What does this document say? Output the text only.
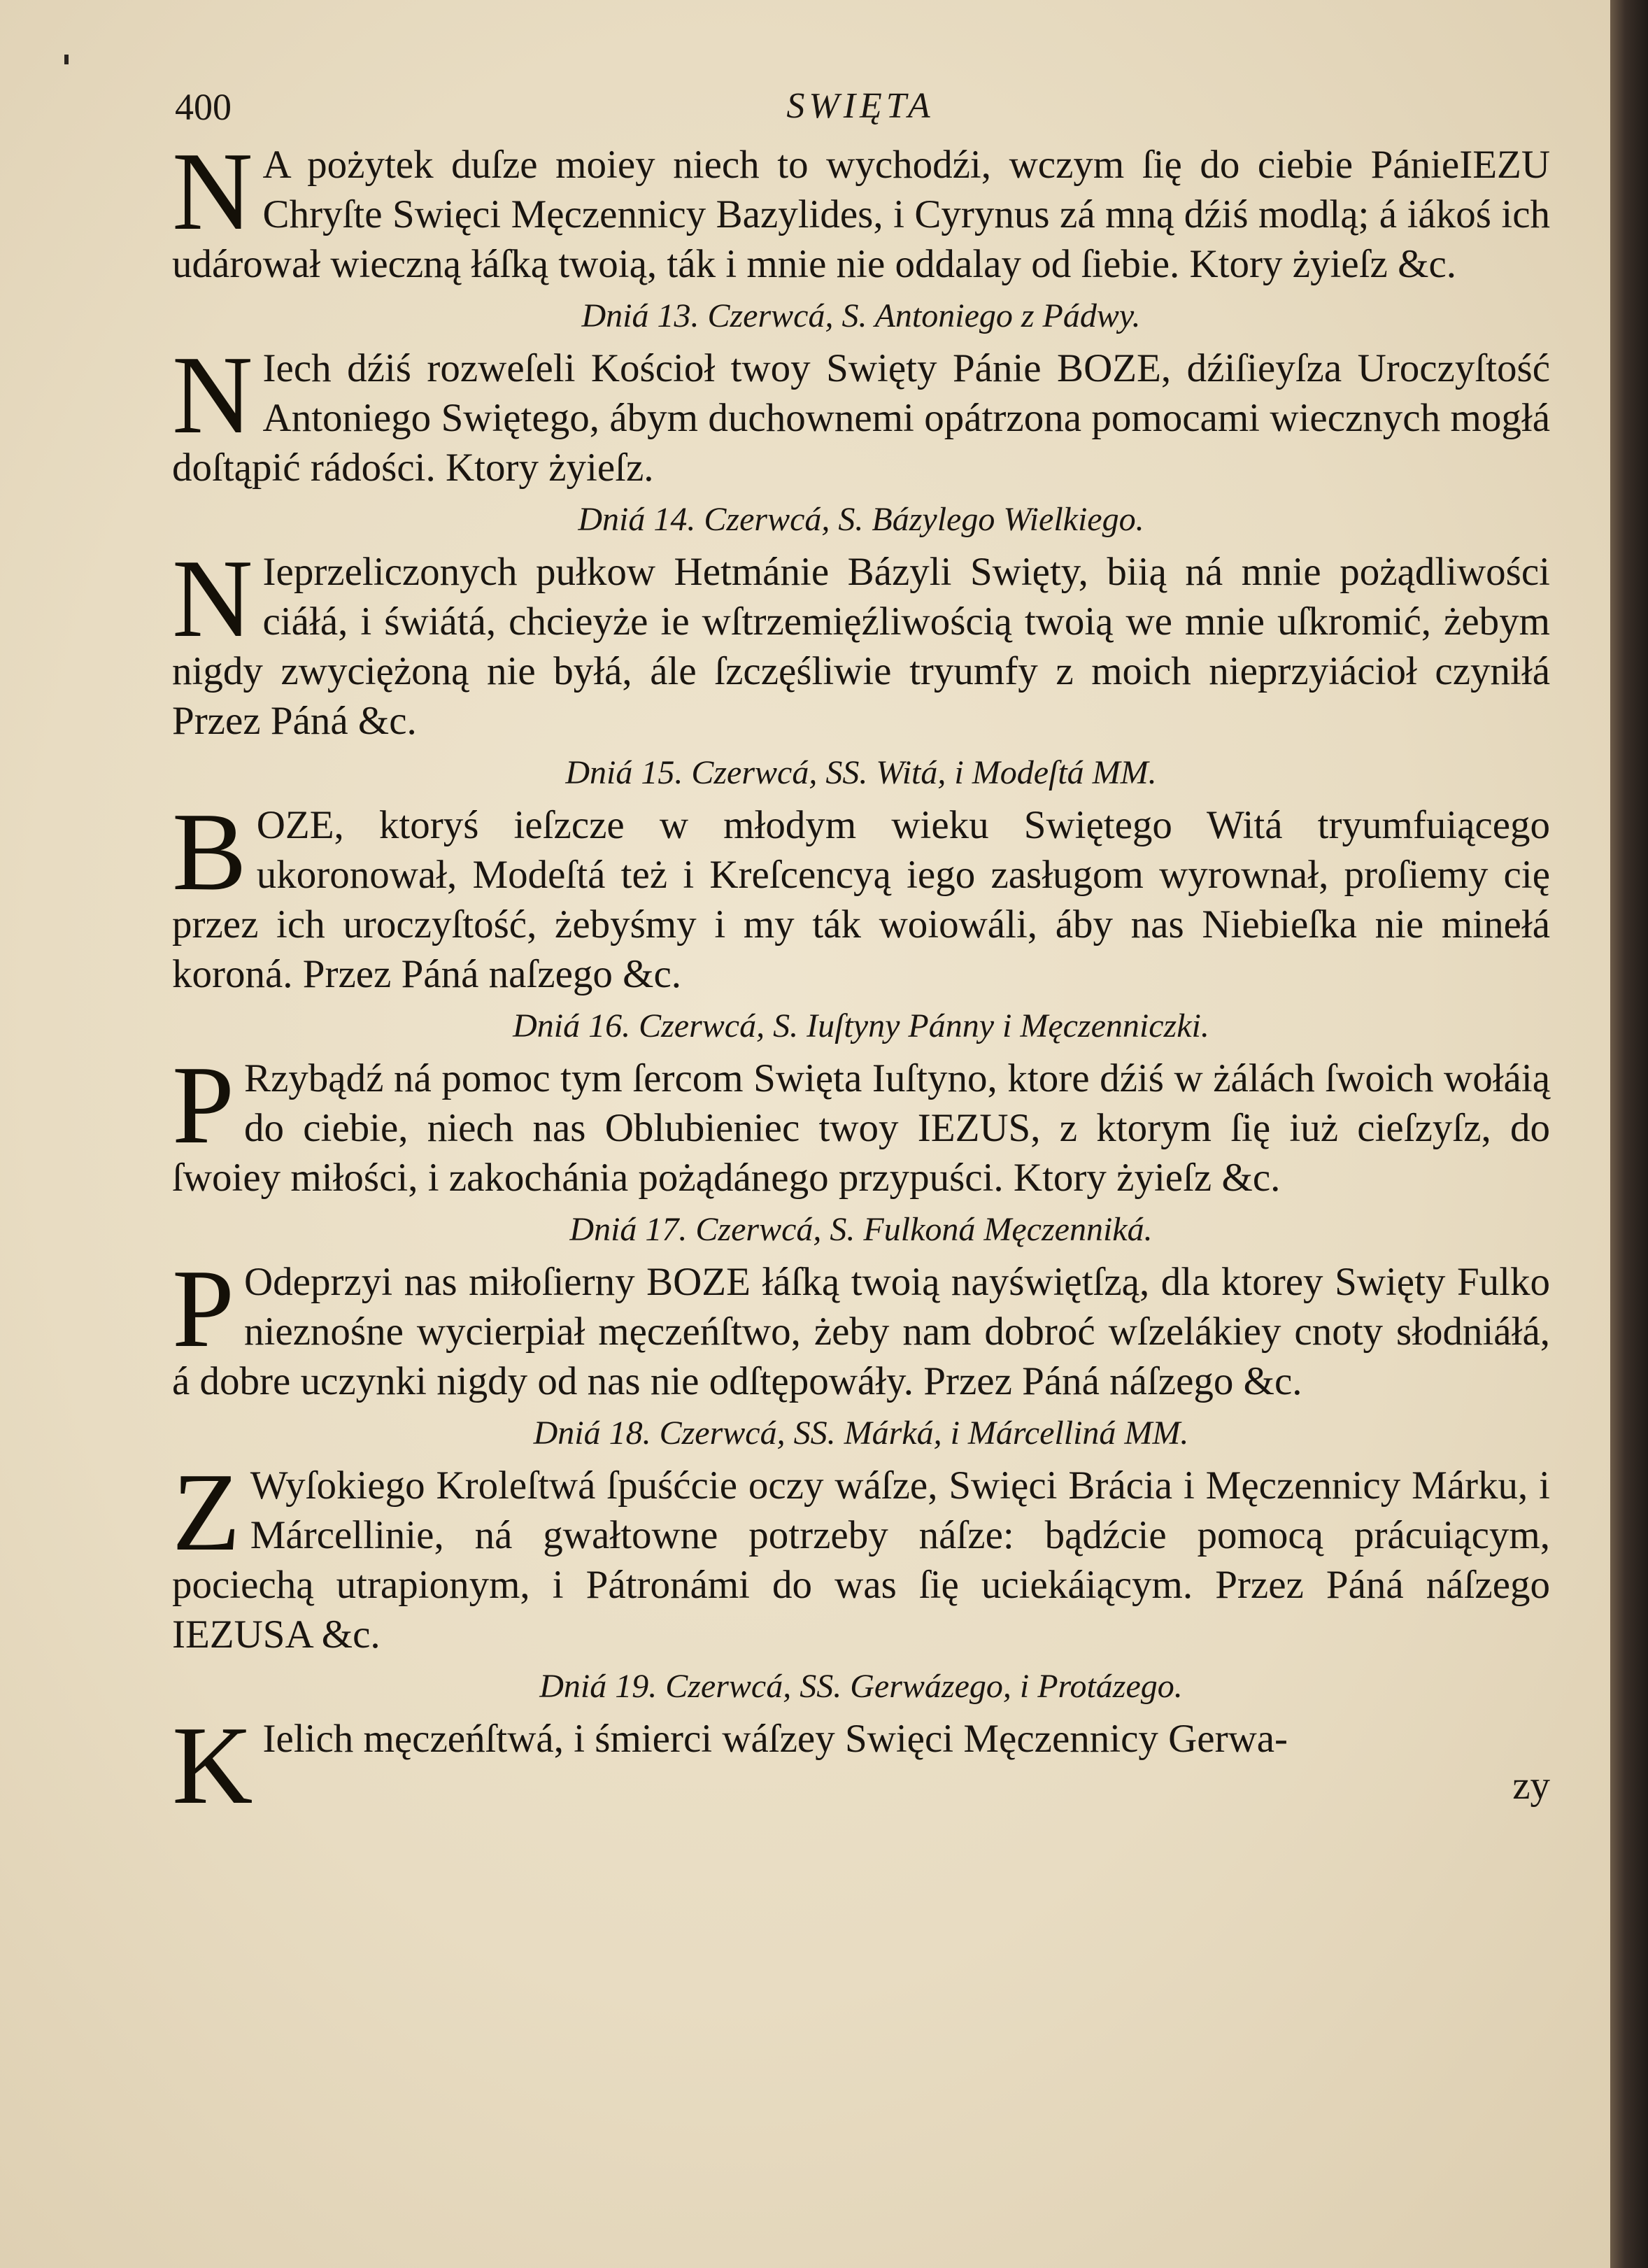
400	SWIĘTA

N A pożytek duſze moiey niech to wychodźi, wczym ſię do ciebie PánieIEZU Chryſte Swięci Męczennicy Bazylides, i Cyrynus zá mną dźiś modlą; á iákoś ich udárował wieczną łáſką twoią, ták i mnie nie oddalay od ſiebie. Ktory żyieſz &c.

Dniá 13. Czerwcá, S. Antoniego z Pádwy.

N Iech dźiś rozweſeli Kościoł twoy Swięty Pánie BOZE, dźiſieyſza Uroczyſtość Antoniego Swiętego, ábym duchownemi opátrzona pomocami wiecznych mogłá doſtąpić rádości. Ktory żyieſz.

Dniá 14. Czerwcá, S. Bázylego Wielkiego.

N Ieprzeliczonych pułkow Hetmánie Bázyli Swięty, biią ná mnie pożądliwości ciáłá, i świátá, chcieyże ie wſtrzemięźliwością twoią we mnie uſkromić, żebym nigdy zwyciężoną nie byłá, ále ſzczęśliwie tryumfy z moich nieprzyiácioł czyniłá Przez Páná &c.

Dniá 15. Czerwcá, SS. Witá, i Modeſtá MM.

BOZE, ktoryś ieſzcze w młodym wieku Swiętego Witá tryumfuiącego ukoronował, Modeſtá też i Kreſcencyą iego zasługom wyrownał, proſiemy cię przez ich uroczyſtość, żebyśmy i my ták woiowáli, áby nas Niebieſka nie minełá koroná. Przez Páná naſzego &c.

Dniá 16. Czerwcá, S. Iuſtyny Pánny i Męczenniczki.

P Rzybądź ná pomoc tym ſercom Swięta Iuſtyno, ktore dźiś w żálách ſwoich wołáią do ciebie, niech nas Oblubieniec twoy IEZUS, z ktorym ſię iuż cieſzyſz, do ſwoiey miłości, i zakochánia pożądánego przypuści. Ktory żyieſz &c.

Dniá 17. Czerwcá, S. Fulkoná Męczenniká.

P Odeprzyi nas miłoſierny BOZE łáſką twoią nayświętſzą, dla ktorey Swięty Fulko nieznośne wycierpiał męczeńſtwo, żeby nam dobroć wſzelákiey cnoty słodniáłá, á dobre uczynki nigdy od nas nie odſtępowáły. Przez Páná náſzego &c.

Dniá 18. Czerwcá, SS. Márká, i Márcelliná MM.

Z Wyſokiego Kroleſtwá ſpuśćcie oczy wáſze, Swięci Brácia i Męczennicy Márku, i Márcellinie, ná gwałtowne potrzeby náſze: bądźcie pomocą prácuiącym, pociechą utrapionym, i Pátronámi do was ſię uciekáiącym. Przez Páná náſzego IEZUSA &c.

Dniá 19. Czerwcá, SS. Gerwázego, i Protázego.

K Ielich męczeńſtwá, i śmierci wáſzey Swięci Męczennicy Gerwa-

zy
